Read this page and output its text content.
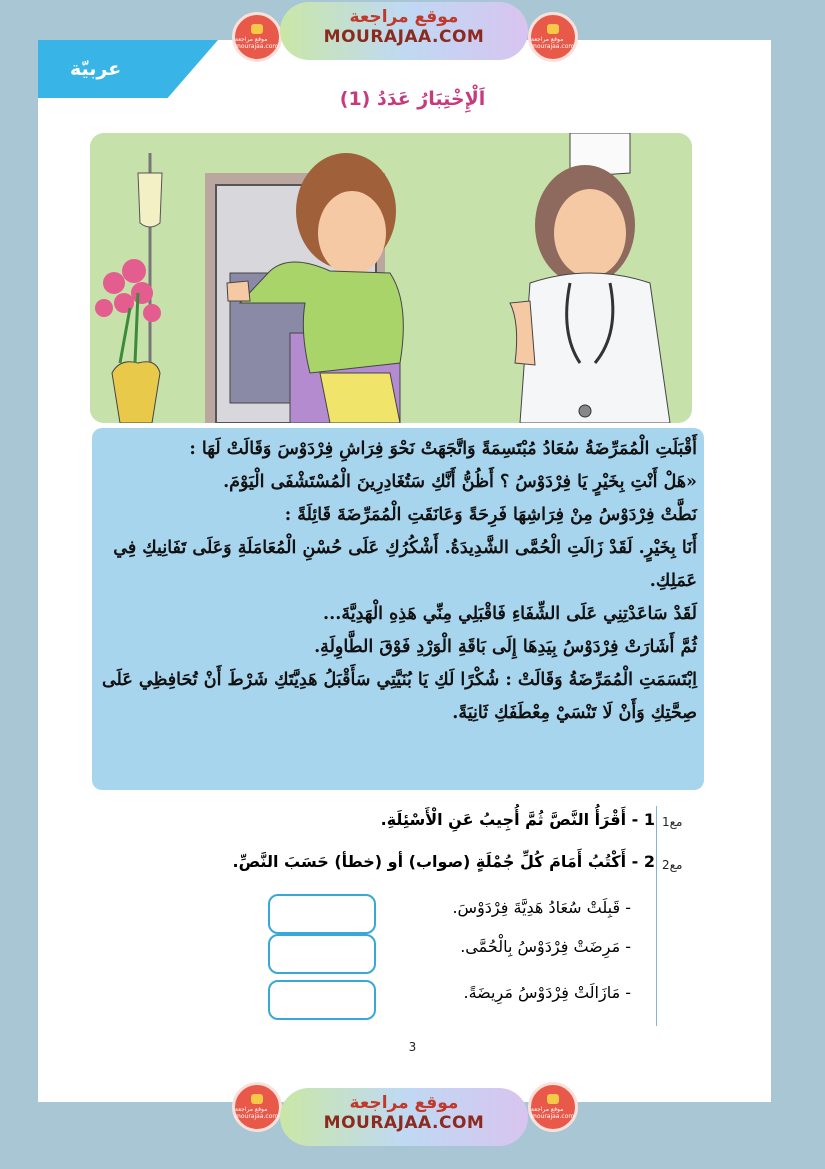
موقع مراجعة mourajaa.com
موقع مراجعة
MOURAJAA.COM	موقع مراجعة mourajaa.com
عربيّة
اَلْإِخْتِبَارُ عَدَدُ (1)

أَقْبَلَتِ الْمُمَرِّضَةُ سُعَادُ مُبْتَسِمَةً وَاتَّجَهَتْ نَحْوَ فِرَاشِ فِرْدَوْسَ وَقَالَتْ لَهَا :

«هَلْ أَنْتِ بِخَيْرٍ يَا فِرْدَوْسُ ؟ أَظُنُّ أَنَّكِ سَتُغَادِرِينَ الْمُسْتَشْفَى الْيَوْمَ.

نَطَّتْ فِرْدَوْسُ مِنْ فِرَاشِهَا فَرِحَةً وَعَانَقَتِ الْمُمَرِّضَةَ قَائِلَةً :

أَنَا بِخَيْرٍ. لَقَدْ زَالَتِ الْحُمَّى الشَّدِيدَةُ. أَشْكُرُكِ عَلَى حُسْنِ الْمُعَامَلَةِ وَعَلَى تَفَانِيكِ فِي عَمَلِكِ.

لَقَدْ سَاعَدْتِنِي عَلَى الشِّفَاءِ فَاقْبَلِي مِنِّي هَذِهِ الْهَدِيَّةَ...

ثُمَّ أَشَارَتْ فِرْدَوْسُ بِيَدِهَا إِلَى بَاقَةِ الْوَرْدِ فَوْقَ الطَّاوِلَةِ.

اِبْتَسَمَتِ الْمُمَرِّضَةُ وَقَالَتْ : شُكْرًا لَكِ يَا بُنَيَّتِي سَأَقْبَلُ هَدِيَّتَكِ شَرْطَ أَنْ تُحَافِظِي عَلَى صِحَّتِكِ وَأَنْ لَا تَنْسَيْ مِعْطَفَكِ ثَانِيَةً.

مع1
مع2
1 - أَقْرَأُ النَّصَّ ثُمَّ أُجِيبُ عَنِ الْأَسْئِلَةِ.
2 - أَكْتُبُ أَمَامَ كُلِّ جُمْلَةٍ (صواب) أو (خطأ) حَسَبَ النَّصِّ.
- قَبِلَتْ سُعَادُ هَدِيَّةَ فِرْدَوْسَ.
- مَرِضَتْ فِرْدَوْسُ بِالْحُمَّى.
- مَازَالَتْ فِرْدَوْسُ مَرِيضَةً.
3
موقع مراجعة mourajaa.com
موقع مراجعة
MOURAJAA.COM
موقع مراجعة mourajaa.com
